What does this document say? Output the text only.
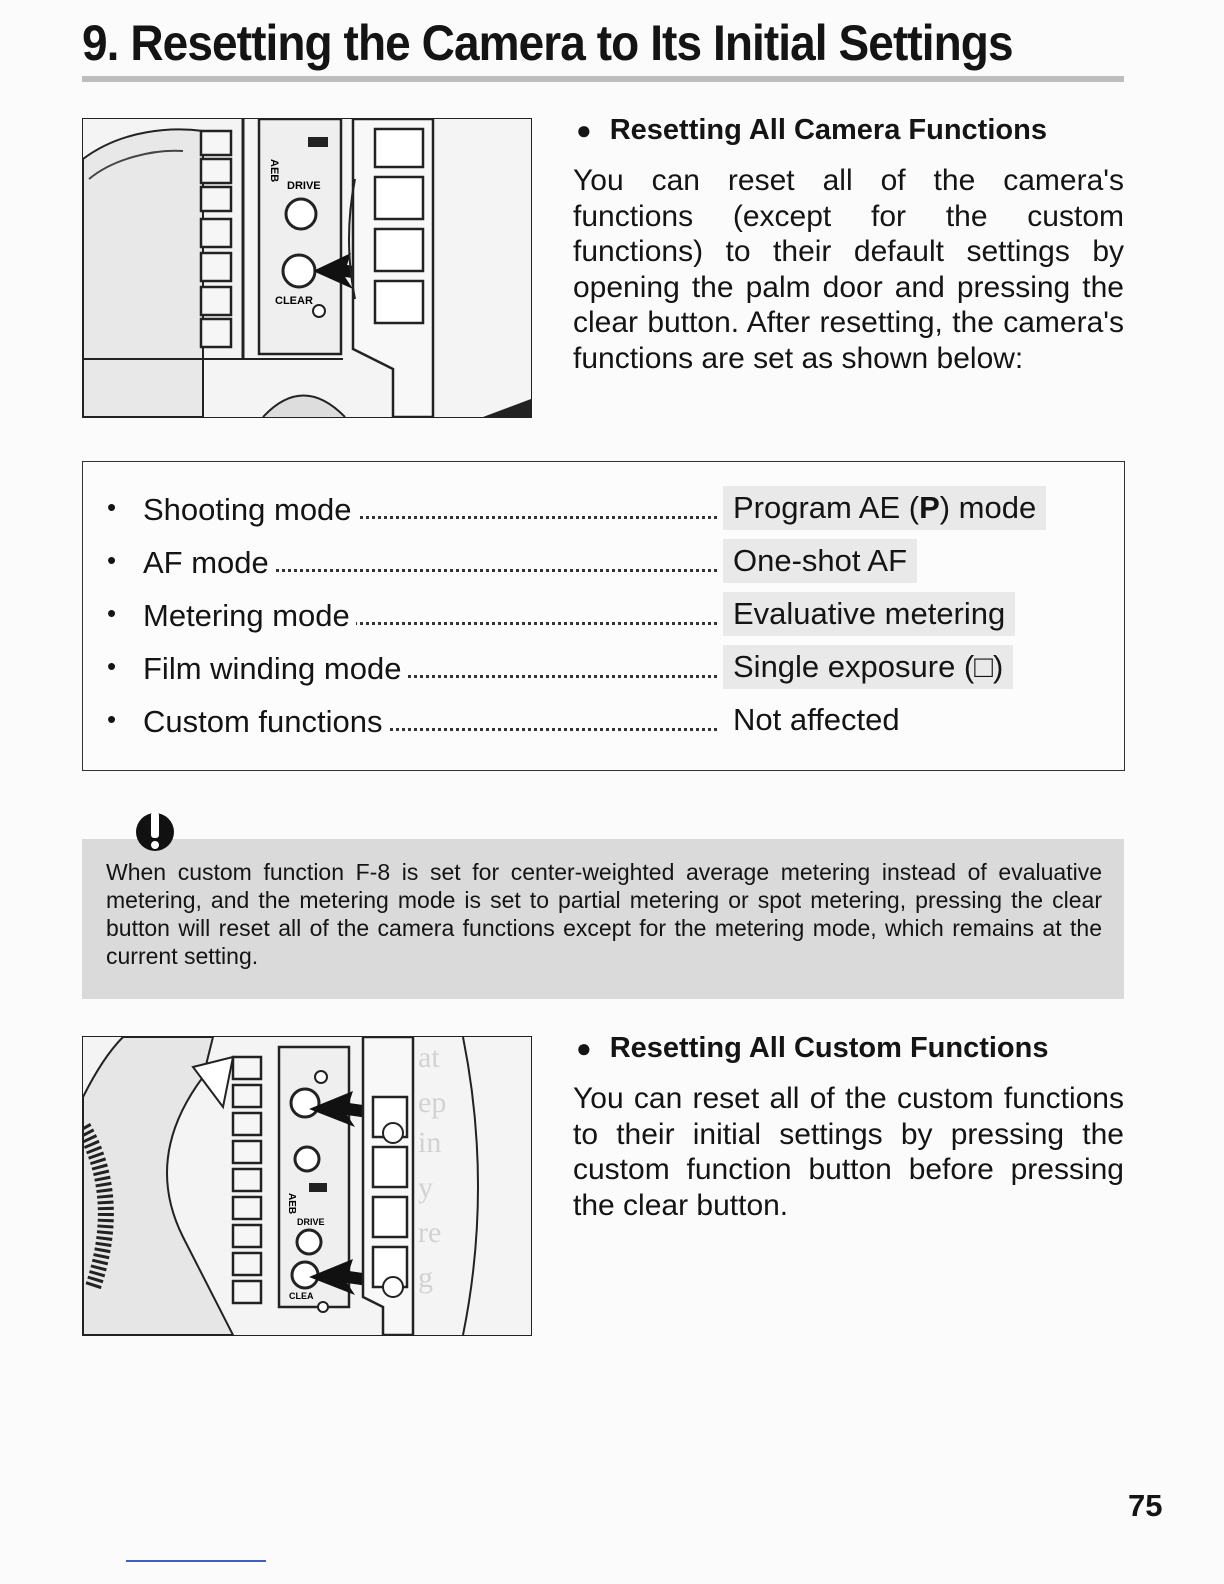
9. Resetting the Camera to Its Initial Settings
AEB
DRIVE
CLEAR
● Resetting All Camera Functions
You can reset all of the camera's functions (except for the custom functions) to their default settings by opening the palm door and pressing the clear button. After resetting, the camera's functions are set as shown below:
• Shooting mode	Program AE (P) mode
• AF mode	One-shot AF
• Metering mode	Evaluative metering
• Film winding mode	Single exposure (□)
• Custom functions	Not affected
When custom function F-8 is set for center-weighted average metering instead of evaluative metering, and the metering mode is set to partial metering or spot metering, pressing the clear button will reset all of the camera functions except for the metering mode, which remains at the current setting.
AEB
DRIVE
CLEA
at
ep
in
y
re
g
● Resetting All Custom Functions
You can reset all of the custom functions to their initial settings by pressing the custom function button before pressing the clear button.
75
